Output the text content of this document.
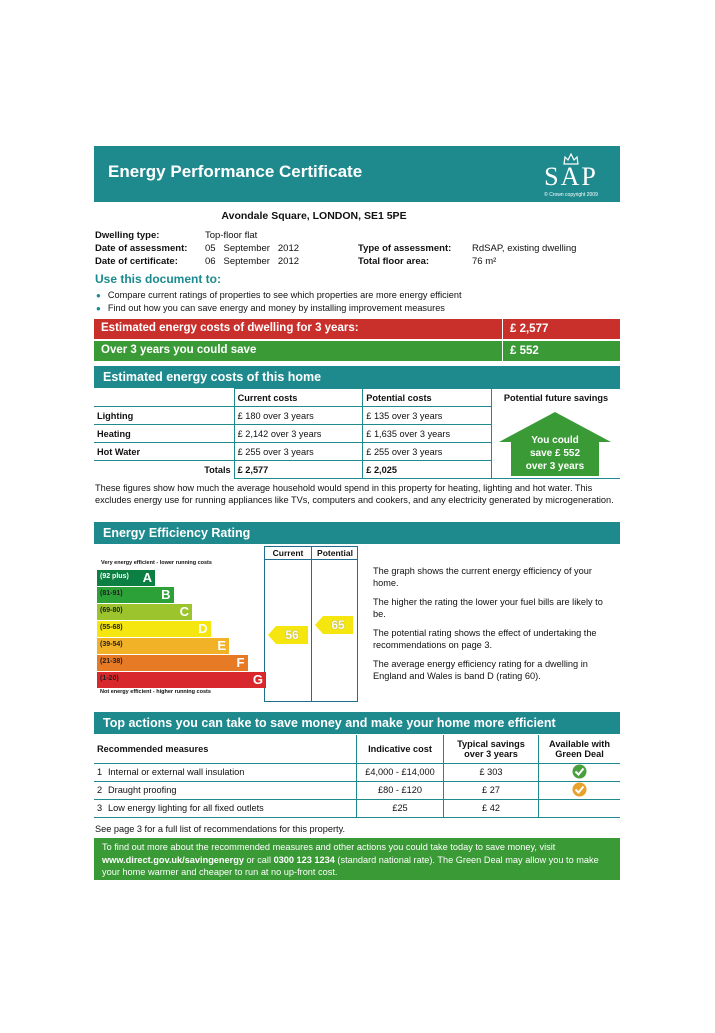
Energy Performance Certificate	SAP
© Crown copyright 2009
Avondale Square, LONDON, SE1 5PE
Dwelling type:	Top-floor flat
Date of assessment: 05   September   2012
Date of certificate:	06   September   2012
Type of assessment: RdSAP, existing dwelling
Total floor area:	76 m²
Use this document to:
● Compare current ratings of properties to see which properties are more energy efficient
● Find out how you can save energy and money by installing improvement measures
Estimated energy costs of dwelling for 3 years:	£ 2,577
Over 3 years you could save	£ 552
Estimated energy costs of this home
	Current costs	Potential costs
Lighting	£ 180 over 3 years	£ 135 over 3 years
Heating	£ 2,142 over 3 years	£ 1,635 over 3 years
Hot Water	£ 255 over 3 years	£ 255 over 3 years
Totals	£ 2,577	£ 2,025
Potential future savings
You could
save £ 552
over 3 years
These figures show how much the average household would spend in this property for heating, lighting and hot water. This excludes energy use for running appliances like TVs, computers and cookers, and any electricity generated by microgeneration.
Energy Efficiency Rating
Current	Potential
Very energy efficient - lower running costs
(92 plus) A
(81-91)	B
(69-80)	C
(55-68)	D
(39-54)	E
(21-38)	F
(1-20)	G
Not energy efficient - higher running costs
56
65

The graph shows the current energy efficiency of your home.

The higher the rating the lower your fuel bills are likely to be.

The potential rating shows the effect of undertaking the recommendations on page 3.

The average energy efficiency rating for a dwelling in England and Wales is band D (rating 60).

Top actions you can take to save money and make your home more efficient
Recommended measures	Indicative cost	Typical savings over 3 years	Available with Green Deal
1 Internal or external wall insulation	£4,000 - £14,000	£ 303	
2 Draught proofing	£80 - £120	£ 27	
3 Low energy lighting for all fixed outlets	£25	£ 42	
See page 3 for a full list of recommendations for this property.
To find out more about the recommended measures and other actions you could take today to save money, visit
www.direct.gov.uk/savingenergy or call 0300 123 1234 (standard national rate). The Green Deal may allow you to make your home warmer and cheaper to run at no up-front cost.
